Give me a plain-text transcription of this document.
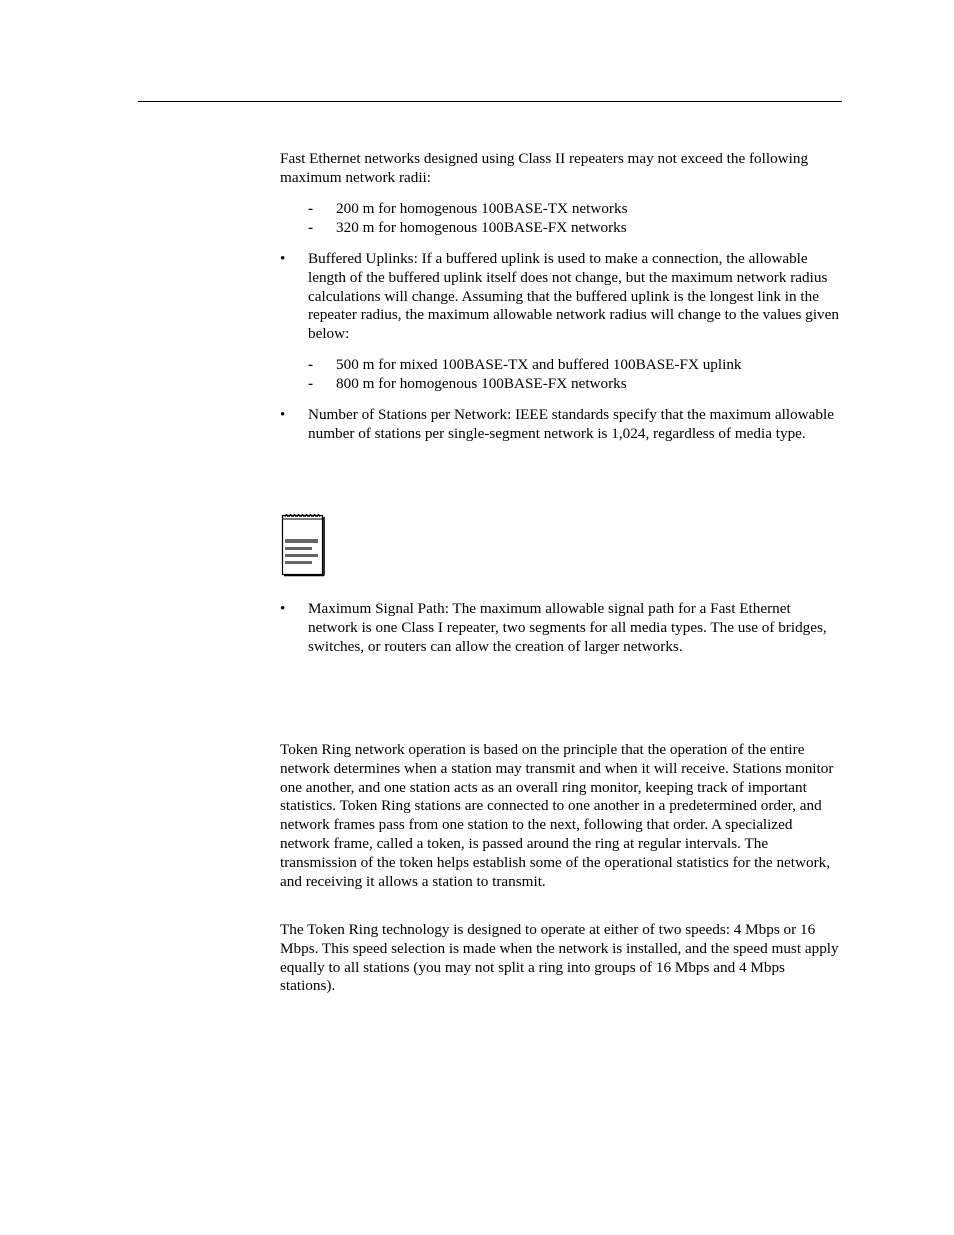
Fast Ethernet networks designed using Class II repeaters may not exceed the following maximum network radii:

- 200 m for homogenous 100BASE-TX networks
- 320 m for homogenous 100BASE-FX networks
• Buffered Uplinks: If a buffered uplink is used to make a connection, the allowable length of the buffered uplink itself does not change, but the maximum network radius calculations will change. Assuming that the buffered uplink is the longest link in the repeater radius, the maximum allowable network radius will change to the values given below:

- 500 m for mixed 100BASE-TX and buffered 100BASE-FX uplink
- 800 m for homogenous 100BASE-FX networks
• Number of Stations per Network: IEEE standards specify that the maximum allowable number of stations per single-segment network is 1,024, regardless of media type.

• Maximum Signal Path: The maximum allowable signal path for a Fast Ethernet network is one Class I repeater, two segments for all media types. The use of bridges, switches, or routers can allow the creation of larger networks.

Token Ring network operation is based on the principle that the operation of the entire network determines when a station may transmit and when it will receive. Stations monitor one another, and one station acts as an overall ring monitor, keeping track of important statistics. Token Ring stations are connected to one another in a predetermined order, and network frames pass from one station to the next, following that order. A specialized network frame, called a token, is passed around the ring at regular intervals. The transmission of the token helps establish some of the operational statistics for the network, and receiving it allows a station to transmit.

The Token Ring technology is designed to operate at either of two speeds: 4 Mbps or 16 Mbps. This speed selection is made when the network is installed, and the speed must apply equally to all stations (you may not split a ring into groups of 16 Mbps and 4 Mbps stations).
